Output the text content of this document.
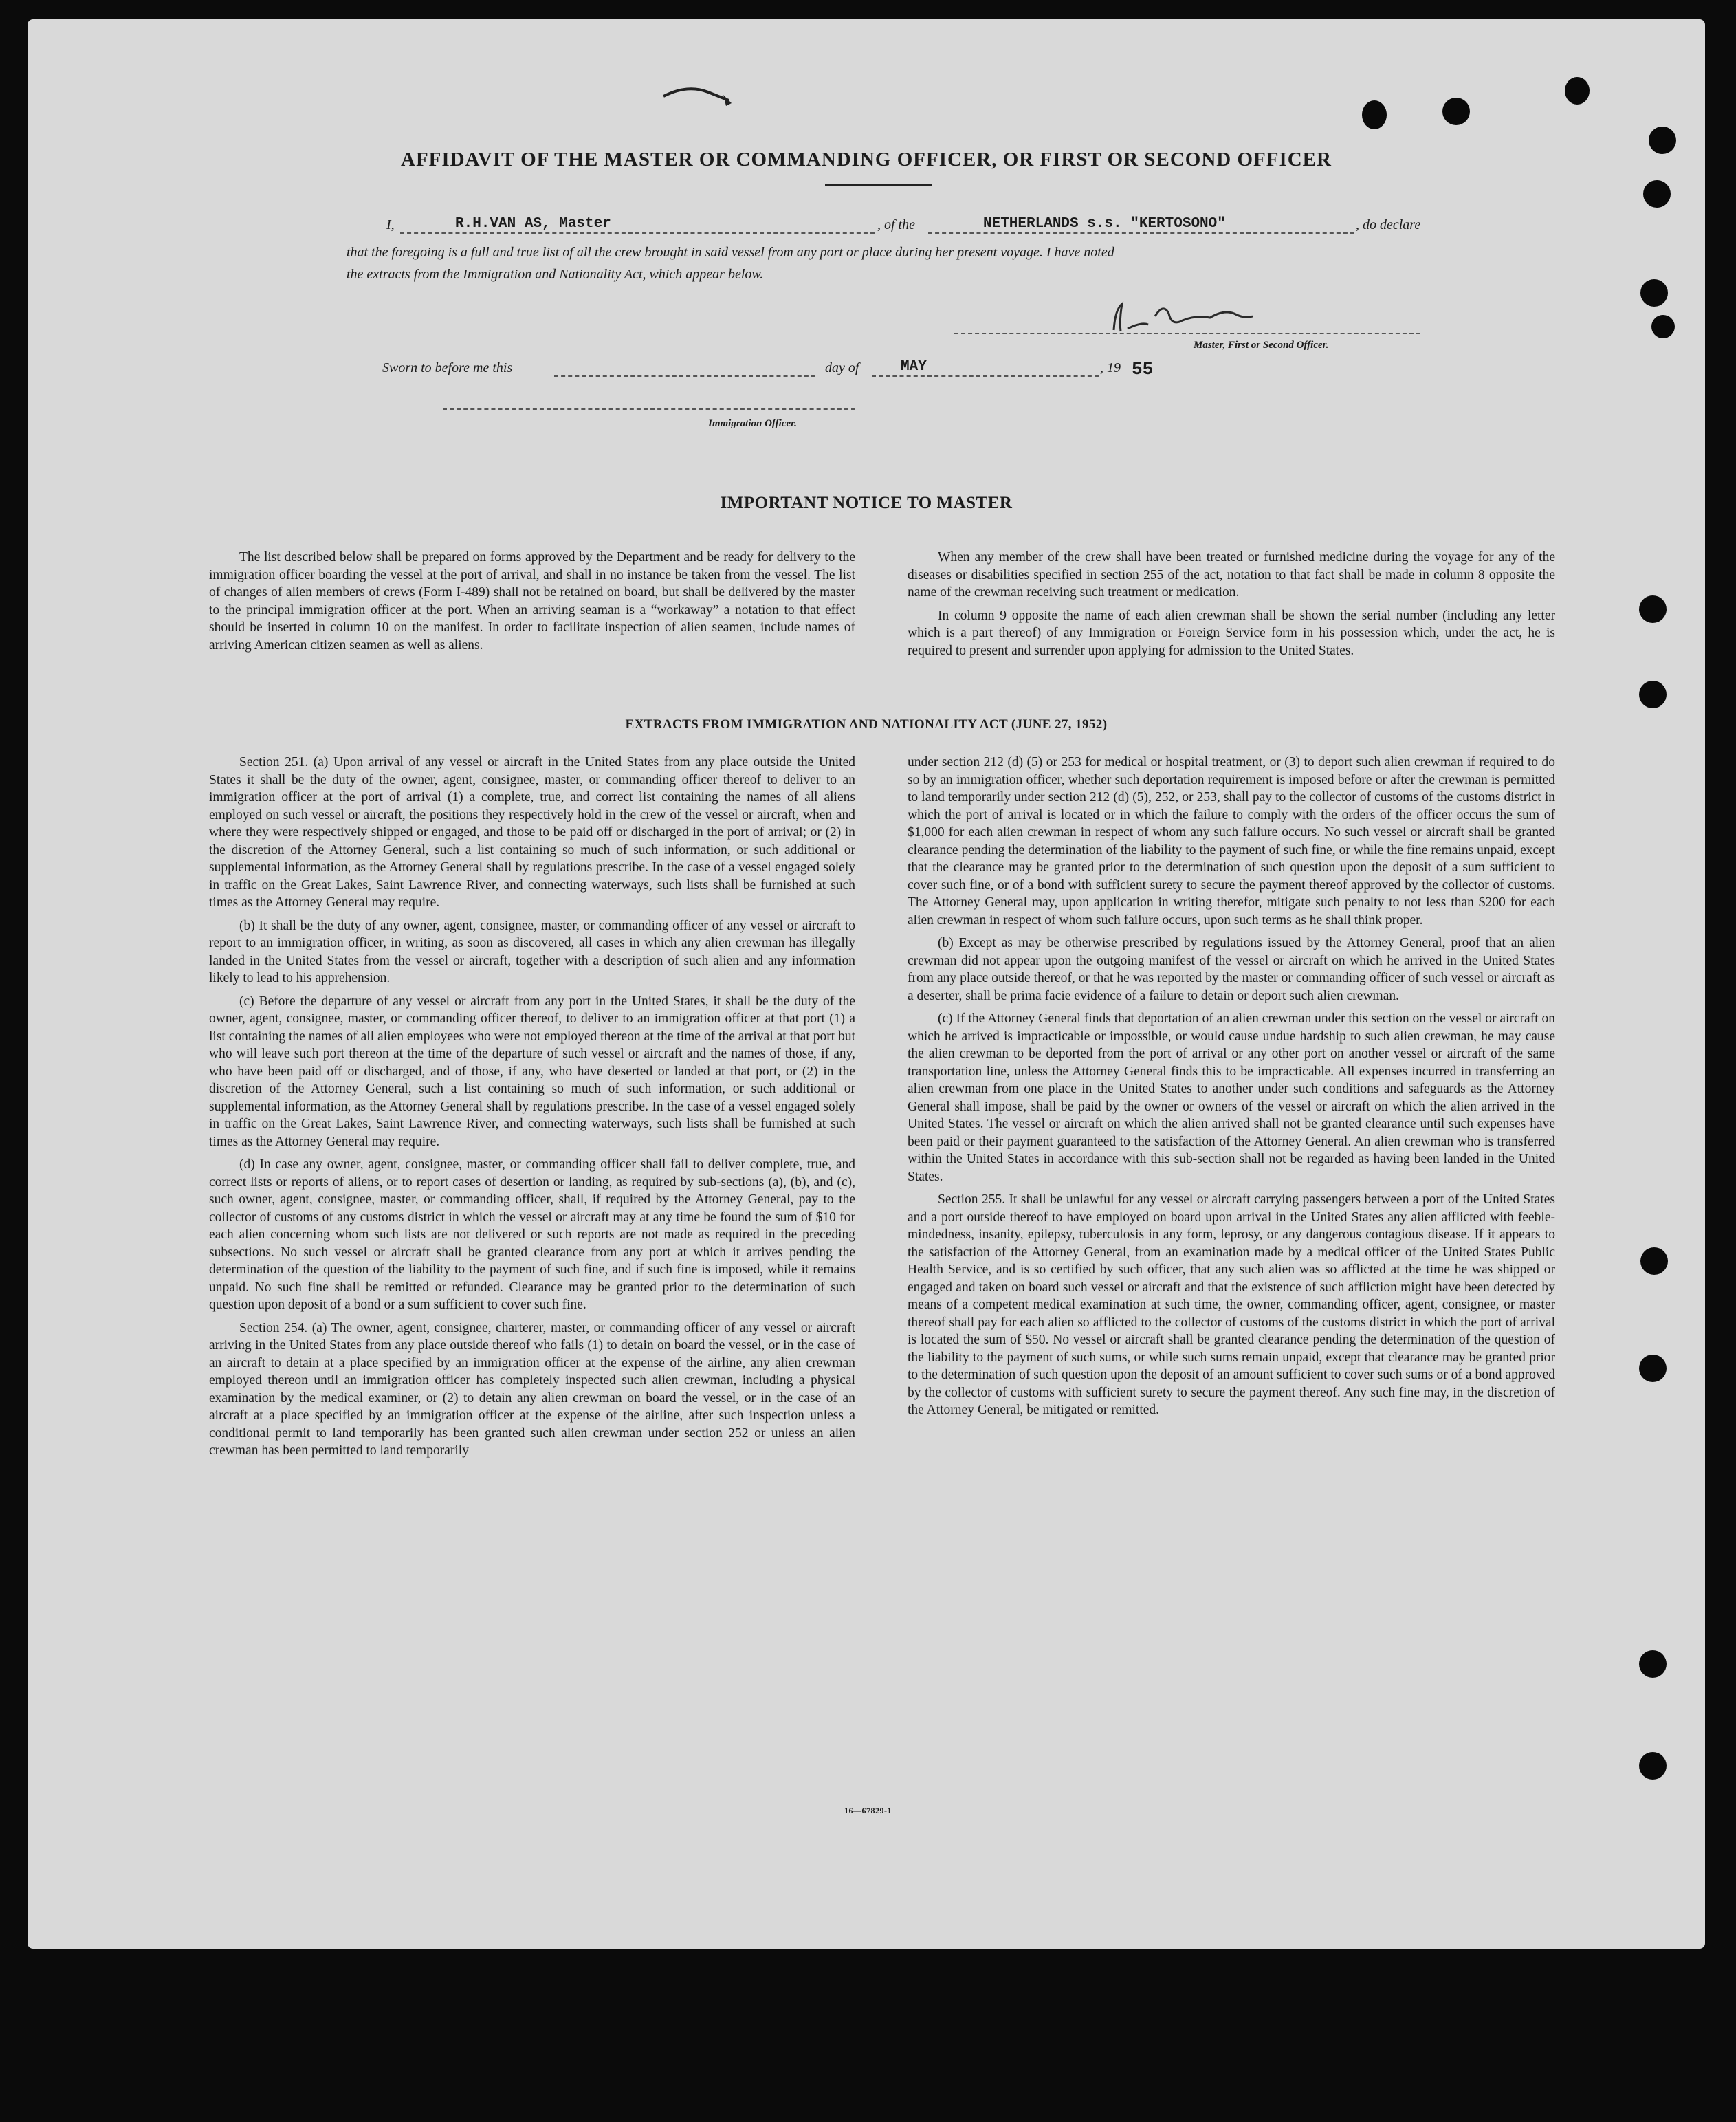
AFFIDAVIT OF THE MASTER OR COMMANDING OFFICER, OR FIRST OR SECOND OFFICER
I,	R.H.VAN AS, Master	, of the	NETHERLANDS s.s. "KERTOSONO"	, do declare
that the foregoing is a full and true list of all the crew brought in said vessel from any port or place during her present voyage. I have noted
the extracts from the Immigration and Nationality Act, which appear below.
Master, First or Second Officer.
Sworn to before me this	day of	MAY	, 19 55
Immigration Officer.
IMPORTANT NOTICE TO MASTER

The list described below shall be prepared on forms approved by the Department and be ready for delivery to the immigration officer boarding the vessel at the port of arrival, and shall in no instance be taken from the vessel. The list of changes of alien members of crews (Form I-489) shall not be retained on board, but shall be delivered by the master to the principal immigration officer at the port. When an arriving seaman is a “workaway” a notation to that effect should be inserted in column 10 on the manifest. In order to facilitate inspection of alien seamen, include names of arriving American citizen seamen as well as aliens.

When any member of the crew shall have been treated or furnished medicine during the voyage for any of the diseases or disabilities specified in section 255 of the act, notation to that fact shall be made in column 8 opposite the name of the crewman receiving such treatment or medication.

In column 9 opposite the name of each alien crewman shall be shown the serial number (including any letter which is a part thereof) of any Immigration or Foreign Service form in his possession which, under the act, he is required to present and surrender upon applying for admission to the United States.

EXTRACTS FROM IMMIGRATION AND NATIONALITY ACT (JUNE 27, 1952)

Section 251. (a) Upon arrival of any vessel or aircraft in the United States from any place outside the United States it shall be the duty of the owner, agent, consignee, master, or commanding officer thereof to deliver to an immigration officer at the port of arrival (1) a complete, true, and correct list containing the names of all aliens employed on such vessel or aircraft, the positions they respectively hold in the crew of the vessel or aircraft, when and where they were respectively shipped or engaged, and those to be paid off or discharged in the port of arrival; or (2) in the discretion of the Attorney General, such a list containing so much of such information, or such additional or supplemental information, as the Attorney General shall by regulations prescribe. In the case of a vessel engaged solely in traffic on the Great Lakes, Saint Lawrence River, and connecting waterways, such lists shall be furnished at such times as the Attorney General may require.

(b) It shall be the duty of any owner, agent, consignee, master, or commanding officer of any vessel or aircraft to report to an immigration officer, in writing, as soon as discovered, all cases in which any alien crewman has illegally landed in the United States from the vessel or aircraft, together with a description of such alien and any information likely to lead to his apprehension.

(c) Before the departure of any vessel or aircraft from any port in the United States, it shall be the duty of the owner, agent, consignee, master, or commanding officer thereof, to deliver to an immigration officer at that port (1) a list containing the names of all alien employees who were not employed thereon at the time of the arrival at that port but who will leave such port thereon at the time of the departure of such vessel or aircraft and the names of those, if any, who have been paid off or discharged, and of those, if any, who have deserted or landed at that port, or (2) in the discretion of the Attorney General, such a list containing so much of such information, or such additional or supplemental information, as the Attorney General shall by regulations prescribe. In the case of a vessel engaged solely in traffic on the Great Lakes, Saint Lawrence River, and connecting waterways, such lists shall be furnished at such times as the Attorney General may require.

(d) In case any owner, agent, consignee, master, or commanding officer shall fail to deliver complete, true, and correct lists or reports of aliens, or to report cases of desertion or landing, as required by sub-sections (a), (b), and (c), such owner, agent, consignee, master, or commanding officer, shall, if required by the Attorney General, pay to the collector of customs of any customs district in which the vessel or aircraft may at any time be found the sum of $10 for each alien concerning whom such lists are not delivered or such reports are not made as required in the preceding subsections. No such vessel or aircraft shall be granted clearance from any port at which it arrives pending the determination of the question of the liability to the payment of such fine, and if such fine is imposed, while it remains unpaid. No such fine shall be remitted or refunded. Clearance may be granted prior to the determination of such question upon deposit of a bond or a sum sufficient to cover such fine.

Section 254. (a) The owner, agent, consignee, charterer, master, or commanding officer of any vessel or aircraft arriving in the United States from any place outside thereof who fails (1) to detain on board the vessel, or in the case of an aircraft to detain at a place specified by an immigration officer at the expense of the airline, any alien crewman employed thereon until an immigration officer has completely inspected such alien crewman, including a physical examination by the medical examiner, or (2) to detain any alien crewman on board the vessel, or in the case of an aircraft at a place specified by an immigration officer at the expense of the airline, after such inspection unless a conditional permit to land temporarily has been granted such alien crewman under section 252 or unless an alien crewman has been permitted to land temporarily

under section 212 (d) (5) or 253 for medical or hospital treatment, or (3) to deport such alien crewman if required to do so by an immigration officer, whether such deportation requirement is imposed before or after the crewman is permitted to land temporarily under section 212 (d) (5), 252, or 253, shall pay to the collector of customs of the customs district in which the port of arrival is located or in which the failure to comply with the orders of the officer occurs the sum of $1,000 for each alien crewman in respect of whom any such failure occurs. No such vessel or aircraft shall be granted clearance pending the determination of the liability to the payment of such fine, or while the fine remains unpaid, except that the clearance may be granted prior to the determination of such question upon the deposit of a sum sufficient to cover such fine, or of a bond with sufficient surety to secure the payment thereof approved by the collector of customs. The Attorney General may, upon application in writing therefor, mitigate such penalty to not less than $200 for each alien crewman in respect of whom such failure occurs, upon such terms as he shall think proper.

(b) Except as may be otherwise prescribed by regulations issued by the Attorney General, proof that an alien crewman did not appear upon the outgoing manifest of the vessel or aircraft on which he arrived in the United States from any place outside thereof, or that he was reported by the master or commanding officer of such vessel or aircraft as a deserter, shall be prima facie evidence of a failure to detain or deport such alien crewman.

(c) If the Attorney General finds that deportation of an alien crewman under this section on the vessel or aircraft on which he arrived is impracticable or impossible, or would cause undue hardship to such alien crewman, he may cause the alien crewman to be deported from the port of arrival or any other port on another vessel or aircraft of the same transportation line, unless the Attorney General finds this to be impracticable. All expenses incurred in transferring an alien crewman from one place in the United States to another under such conditions and safeguards as the Attorney General shall impose, shall be paid by the owner or owners of the vessel or aircraft on which the alien arrived in the United States. The vessel or aircraft on which the alien arrived shall not be granted clearance until such expenses have been paid or their payment guaranteed to the satisfaction of the Attorney General. An alien crewman who is transferred within the United States in accordance with this sub-section shall not be regarded as having been landed in the United States.

Section 255. It shall be unlawful for any vessel or aircraft carrying passengers between a port of the United States and a port outside thereof to have employed on board upon arrival in the United States any alien afflicted with feeble-mindedness, insanity, epilepsy, tuberculosis in any form, leprosy, or any dangerous contagious disease. If it appears to the satisfaction of the Attorney General, from an examination made by a medical officer of the United States Public Health Service, and is so certified by such officer, that any such alien was so afflicted at the time he was shipped or engaged and taken on board such vessel or aircraft and that the existence of such affliction might have been detected by means of a competent medical examination at such time, the owner, commanding officer, agent, consignee, or master thereof shall pay for each alien so afflicted to the collector of customs of the customs district in which the port of arrival is located the sum of $50. No vessel or aircraft shall be granted clearance pending the determination of the question of the liability to the payment of such sums, or while such sums remain unpaid, except that clearance may be granted prior to the determination of such question upon the deposit of an amount sufficient to cover such sums or of a bond approved by the collector of customs with sufficient surety to secure the payment thereof. Any such fine may, in the discretion of the Attorney General, be mitigated or remitted.

16—67829-1
